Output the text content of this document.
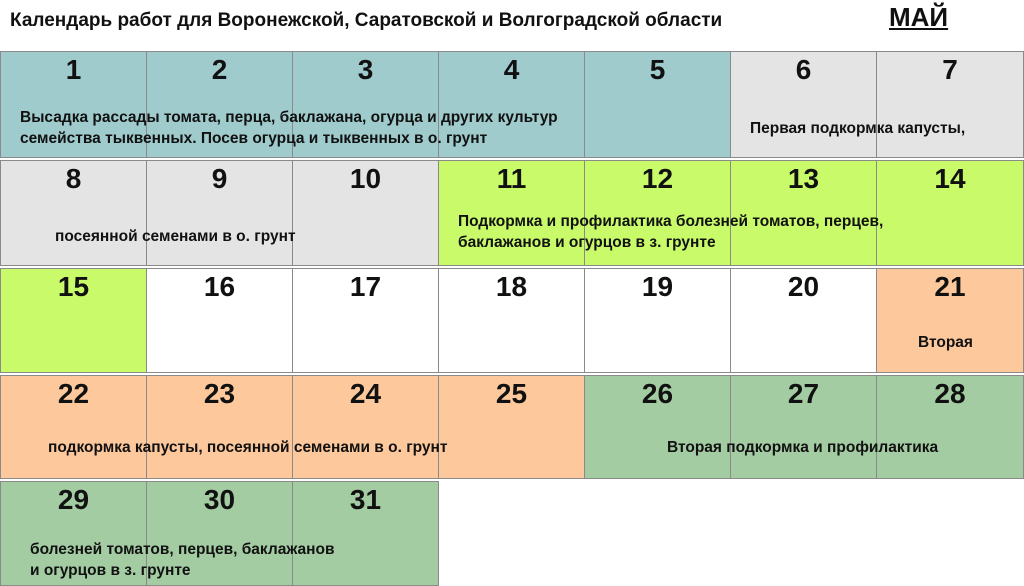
Календарь работ для Воронежской, Саратовской и Волгоградской области	МАЙ
1	2	3	4	5	6	7
8	9	10	11	12	13	14
15	16	17	18	19	20	21
22	23	24	25	26	27	28
29	30	31
Высадка рассады томата, перца, баклажана, огурца и других культур
семейства тыквенных. Посев огурца и тыквенных в о. грунт
Первая подкормка капусты,
посеянной семенами в о. грунт
Подкормка и профилактика болезней томатов, перцев,
баклажанов и огурцов в з. грунте
Вторая
подкормка капусты, посеянной семенами в о. грунт	Вторая подкормка и профилактика
болезней томатов, перцев, баклажанов
и огурцов в з. грунте
